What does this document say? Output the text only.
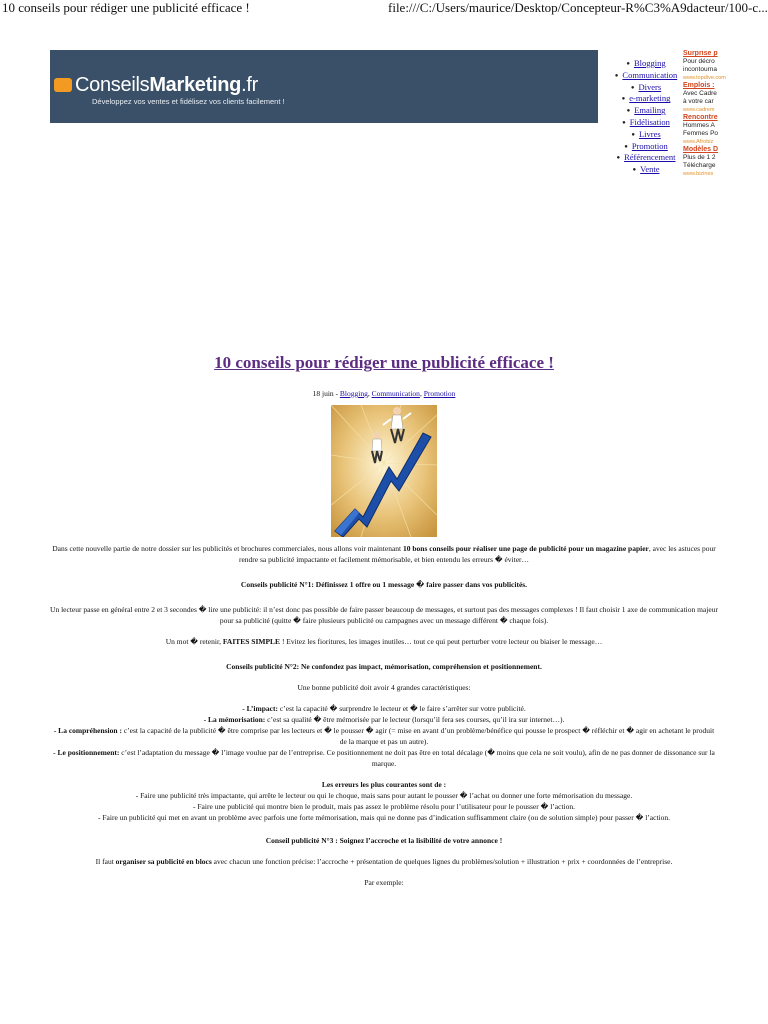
10 conseils pour rédiger une publicité efficace !	file:///C:/Users/maurice/Desktop/Concepteur-R%C3%A9dacteur/100-c...
ConseilsMarketing.fr
Développez vos ventes et fidélisez vos clients facilement !
● Blogging
● Communication
● Divers
● e-marketing
● Emailing
● Fidélisation
● Livres
● Promotion
● Référencement
● Vente
Surprise p
Pour décro
incontourna
www.topdive.com
Emplois :
Avec Cadre
à votre car
www.cadrem
Rencontre
Hommes A
Femmes Po
www.Afrobiz
Modèles D
Plus de 1 2
Télécharge
www.bizines
10 conseils pour rédiger une publicité efficace !
18 juin - Blogging, Communication, Promotion

Dans cette nouvelle partie de notre dossier sur les publicités et brochures commerciales, nous allons voir maintenant 10 bons conseils pour réaliser une page de publicité pour un magazine papier, avec les astuces pour rendre sa publicité impactante et facilement mémorisable, et bien entendu les erreurs � éviter…

Conseils publicité N°1: Définissez 1 offre ou 1 message � faire passer dans vos publicités.

Un lecteur passe en général entre 2 et 3 secondes � lire une publicité: il n’est donc pas possible de faire passer beaucoup de messages, et surtout pas des messages complexes ! Il faut choisir 1 axe de communication majeur pour sa publicité (quitte � faire plusieurs publicité ou campagnes avec un message différent � chaque fois).

Un mot � retenir, FAITES SIMPLE ! Evitez les fioritures, les images inutiles… tout ce qui peut perturber votre lecteur ou biaiser le message…

Conseils publicité N°2: Ne confondez pas impact, mémorisation, compréhension et positionnement.

Une bonne publicité doit avoir 4 grandes caractéristiques:

- L’impact: c’est la capacité � surprendre le lecteur et � le faire s’arrêter sur votre publicité.

- La mémorisation: c’est sa qualité � être mémorisée par le lecteur (lorsqu’il fera ses courses, qu’il ira sur internet…).

- La compréhension : c’est la capacité de la publicité � être comprise par les lecteurs et � le pousser � agir (= mise en avant d’un problème/bénéfice qui pousse le prospect � réfléchir et � agir en achetant le produit de la marque et pas un autre).

- Le positionnement: c’est l’adaptation du message � l’image voulue par de l’entreprise. Ce positionnement ne doit pas être en total décalage (� moins que cela ne soit voulu), afin de ne pas donner de dissonance sur la marque.

Les erreurs les plus courantes sont de :

- Faire une publicité très impactante, qui arrête le lecteur ou qui le choque, mais sans pour autant le pousser � l’achat ou donner une forte mémorisation du message.

- Faire une publicité qui montre bien le produit, mais pas assez le problème résolu pour l’utilisateur pour le pousser � l’action.

- Faire un publicité qui met en avant un problème avec parfois une forte mémorisation, mais qui ne donne pas d’indication suffisamment claire (ou de solution simple) pour passer � l’action.

Conseil publicité N°3 : Soignez l’accroche et la lisibilité de votre annonce !

Il faut organiser sa publicité en blocs avec chacun une fonction précise: l’accroche + présentation de quelques lignes du problèmes/solution + illustration + prix + coordonnées de l’entreprise.

Par exemple:
